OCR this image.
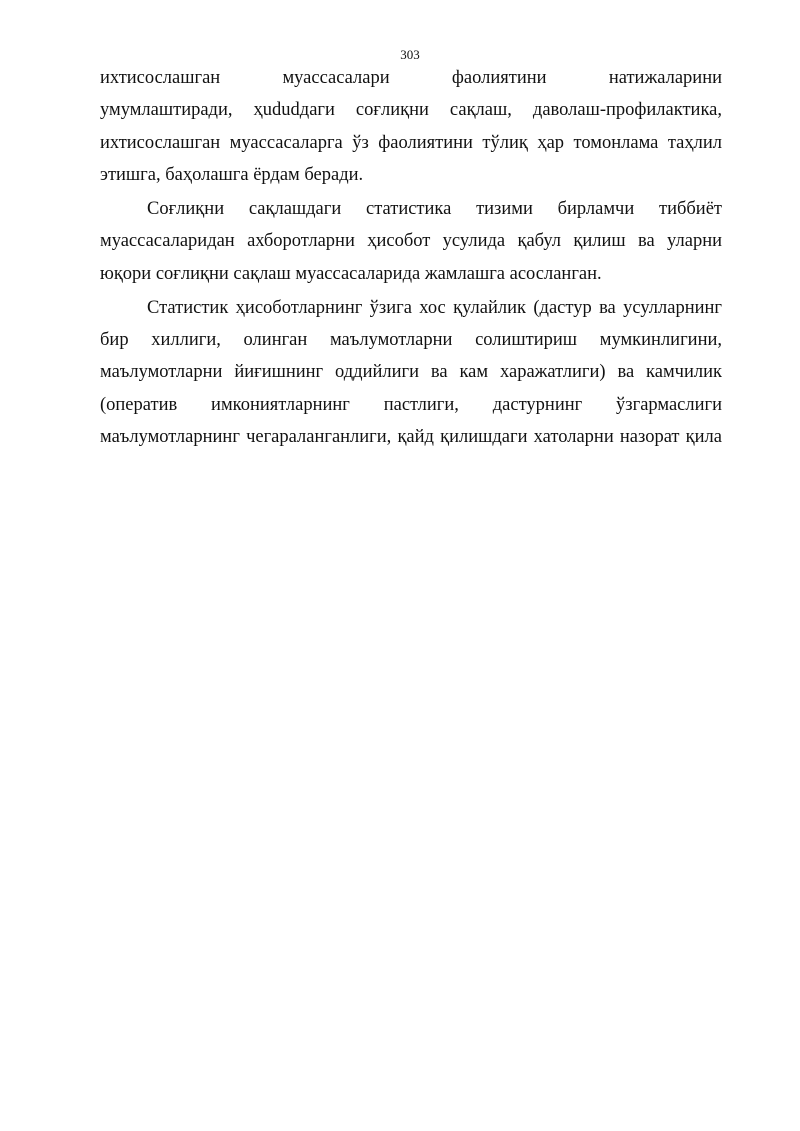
303
ихтисослашган муассасалари фаолиятини натижаларини
умумлаштиради, ҳududдаги соғлиқни сақлаш, даволаш-профилактика,
ихтисослашган муассасаларга ўз фаолиятини тўлиқ ҳар томонлама таҳлил
этишга, баҳолашга ёрдам беради.
Соғлиқни сақлашдаги статистика тизими бирламчи тиббиёт
муассасаларидан ахборотларни ҳисобот усулида қабул қилиш ва уларни
юқори соғлиқни сақлаш муассасаларида жамлашга асосланган.
Статистик ҳисоботларнинг ўзига хос қулайлик (дастур ва усулларнинг
бир хиллиги, олинган маълумотларни солиштириш мумкинлигини,
маълумотларни йиғишнинг оддийлиги ва кам харажатлиги) ва камчилик
(оператив имкониятларнинг пастлиги, дастурнинг ўзгармаслиги
маълумотларнинг чегараланганлиги, қайд қилишдаги хатоларни назорат қила
